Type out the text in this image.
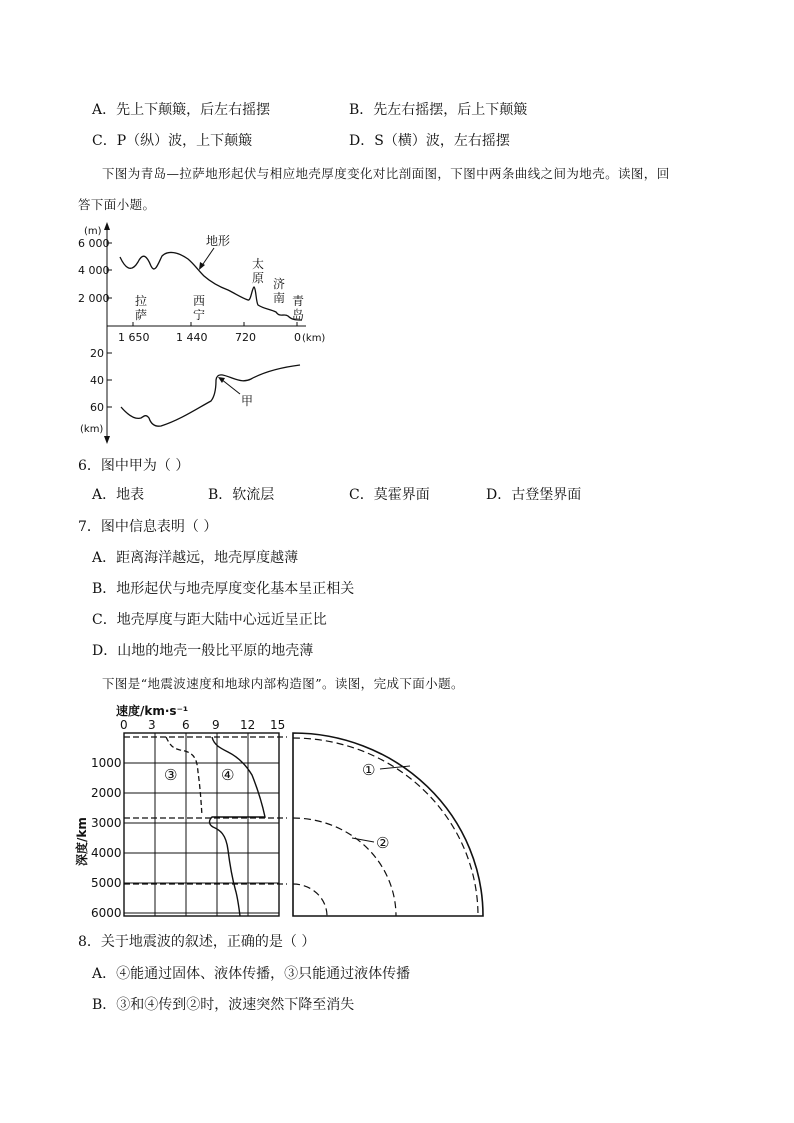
A．先上下颠簸，后左右摇摆	B．先左右摇摆，后上下颠簸
C．P（纵）波，上下颠簸	D．S（横）波，左右摇摆
下图为青岛—拉萨地形起伏与相应地壳厚度变化对比剖面图，下图中两条曲线之间为地壳。读图，回
答下面小题。
(m)
6 000
4 000
2 000
地形
拉
萨
西
宁
太
原 济
南 青
岛
1 650 1 440	720	0 (km)
20
40
60
(km)
甲
6．图中甲为（ ）
A．地表	B．软流层	C．莫霍界面	D．古登堡界面
7．图中信息表明（ ）
A．距离海洋越远，地壳厚度越薄
B．地形起伏与地壳厚度变化基本呈正相关
C．地壳厚度与距大陆中心远近呈正比
D．山地的地壳一般比平原的地壳薄
下图是“地震波速度和地球内部构造图”。读图，完成下面小题。
速度/km·s⁻¹
0 3 6 9 12 15
1000
2000
3000
4000
5000
6000
深度/km
③	④	①
②
8．关于地震波的叙述，正确的是（ ）
A．④能通过固体、液体传播，③只能通过液体传播
B．③和④传到②时，波速突然下降至消失
